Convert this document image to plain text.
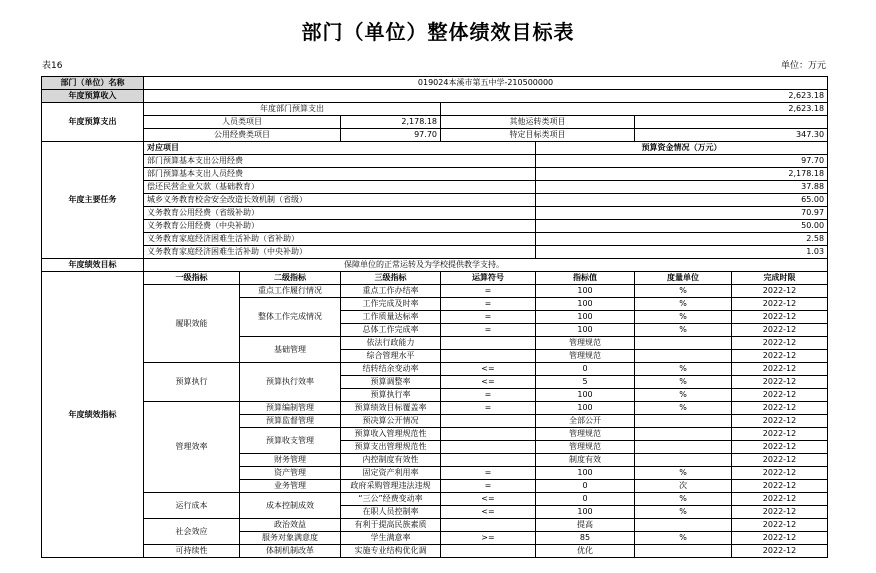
部门（单位）整体绩效目标表
表16	单位：万元
部门（单位）名称	019024本溪市第五中学-210500000						
年度预算收入	2,623.18						
年度预算支出	年度部门预算支出			2,623.18			
	人员类项目		2,178.18	其他运转类项目			
	公用经费类项目		97.70	特定目标类项目		347.30	
年度主要任务	对应项目				预算资金情况（万元）		
	部门预算基本支出公用经费				97.70		
	部门预算基本支出人员经费				2,178.18		
	偿还民营企业欠款（基础教育）				37.88		
	城乡义务教育校舍安全改造长效机制（省级）				65.00		
	义务教育公用经费（省级补助）				70.97		
	义务教育公用经费（中央补助）				50.00		
	义务教育家庭经济困难生活补助（省补助）				2.58		
	义务教育家庭经济困难生活补助（中央补助）				1.03		
年度绩效目标	保障单位的正常运转及为学校提供教学支持。						
年度绩效指标	一级指标	二级指标	三级指标	运算符号	指标值	度量单位	完成时限
	履职效能	重点工作履行情况	重点工作办结率	=	100	%	2022-12
		整体工作完成情况	工作完成及时率	=	100	%	2022-12
			工作质量达标率	=	100	%	2022-12
			总体工作完成率	=	100	%	2022-12
		基础管理	依法行政能力		管理规范		2022-12
			综合管理水平		管理规范		2022-12
	预算执行	预算执行效率	结转结余变动率	<=	0	%	2022-12
			预算调整率	<=	5	%	2022-12
			预算执行率	=	100	%	2022-12
	管理效率	预算编制管理	预算绩效目标覆盖率	=	100	%	2022-12
		预算监督管理	预决算公开情况		全部公开		2022-12
		预算收支管理	预算收入管理规范性		管理规范		2022-12
			预算支出管理规范性		管理规范		2022-12
		财务管理	内控制度有效性		制度有效		2022-12
		资产管理	固定资产利用率	=	100	%	2022-12
		业务管理	政府采购管理违法违规	=	0	次	2022-12
	运行成本	成本控制成效	“三公”经费变动率	<=	0	%	2022-12
			在职人员控制率	<=	100	%	2022-12
	社会效应	政治效益	有利于提高民族素质		提高		2022-12
		服务对象满意度	学生满意率	>=	85	%	2022-12
	可持续性	体制机制改革	实施专业结构优化调		优化		2022-12
